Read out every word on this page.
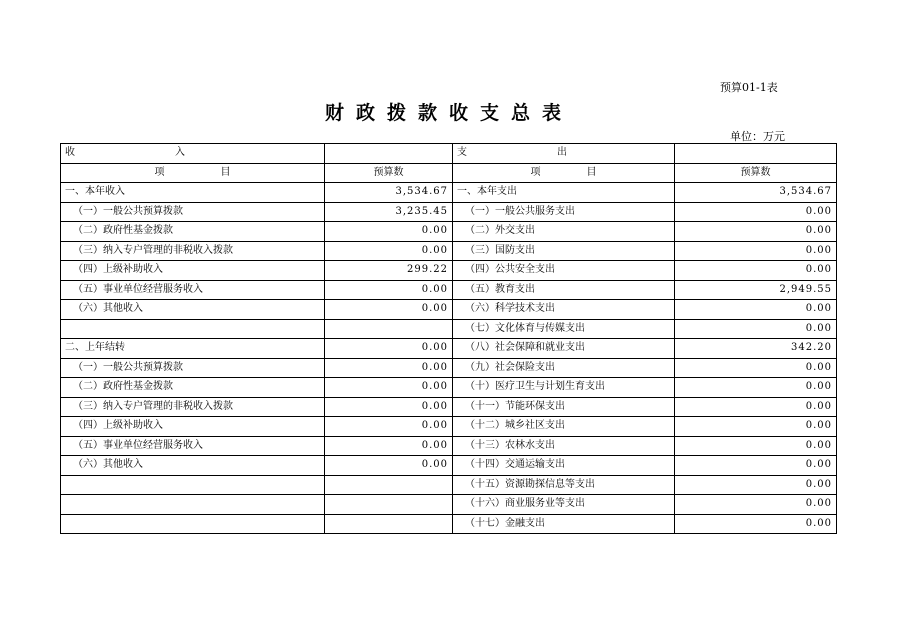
预算01-1表
财政拨款收支总表
单位：万元
收 入		支 出	
项 目	预算数	项 目	预算数
一、本年收入	3,534.67	一、本年支出	3,534.67
（一）一般公共预算拨款	3,235.45	（一）一般公共服务支出	0.00
（二）政府性基金拨款	0.00	（二）外交支出	0.00
（三）纳入专户管理的非税收入拨款	0.00	（三）国防支出	0.00
（四）上级补助收入	299.22	（四）公共安全支出	0.00
（五）事业单位经营服务收入	0.00	（五）教育支出	2,949.55
（六）其他收入	0.00	（六）科学技术支出	0.00
		（七）文化体育与传媒支出	0.00
二、上年结转	0.00	（八）社会保障和就业支出	342.20
（一）一般公共预算拨款	0.00	（九）社会保险支出	0.00
（二）政府性基金拨款	0.00	（十）医疗卫生与计划生育支出	0.00
（三）纳入专户管理的非税收入拨款	0.00	（十一）节能环保支出	0.00
（四）上级补助收入	0.00	（十二）城乡社区支出	0.00
（五）事业单位经营服务收入	0.00	（十三）农林水支出	0.00
（六）其他收入	0.00	（十四）交通运输支出	0.00
		（十五）资源勘探信息等支出	0.00
		（十六）商业服务业等支出	0.00
		（十七）金融支出	0.00
